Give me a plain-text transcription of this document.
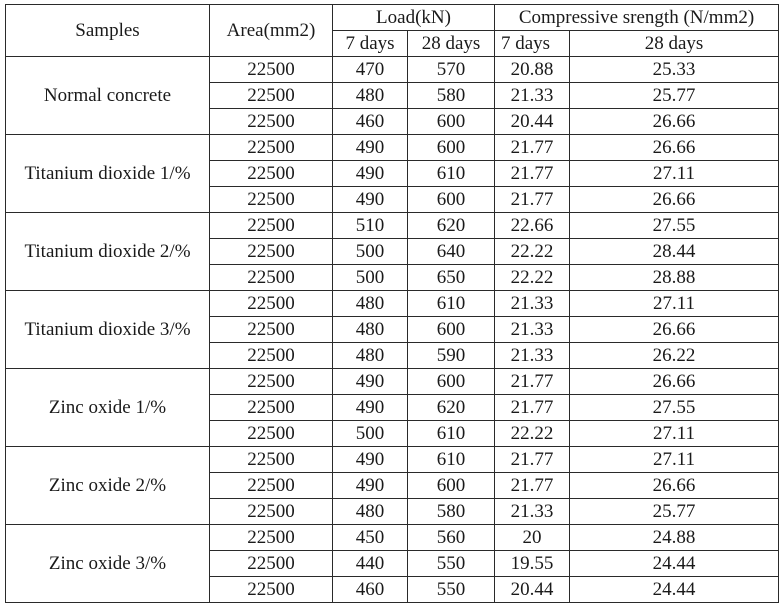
Samples	Area(mm2)	Load(kN)		Compressive srength (N/mm2)	
		7 days	28 days	7 days	28 days
Normal concrete	22500	470	570	20.88	25.33
	22500	480	580	21.33	25.77
	22500	460	600	20.44	26.66
Titanium dioxide 1/%	22500	490	600	21.77	26.66
	22500	490	610	21.77	27.11
	22500	490	600	21.77	26.66
Titanium dioxide 2/%	22500	510	620	22.66	27.55
	22500	500	640	22.22	28.44
	22500	500	650	22.22	28.88
Titanium dioxide 3/%	22500	480	610	21.33	27.11
	22500	480	600	21.33	26.66
	22500	480	590	21.33	26.22
Zinc oxide 1/%	22500	490	600	21.77	26.66
	22500	490	620	21.77	27.55
	22500	500	610	22.22	27.11
Zinc oxide 2/%	22500	490	610	21.77	27.11
	22500	490	600	21.77	26.66
	22500	480	580	21.33	25.77
Zinc oxide 3/%	22500	450	560	20	24.88
	22500	440	550	19.55	24.44
	22500	460	550	20.44	24.44
